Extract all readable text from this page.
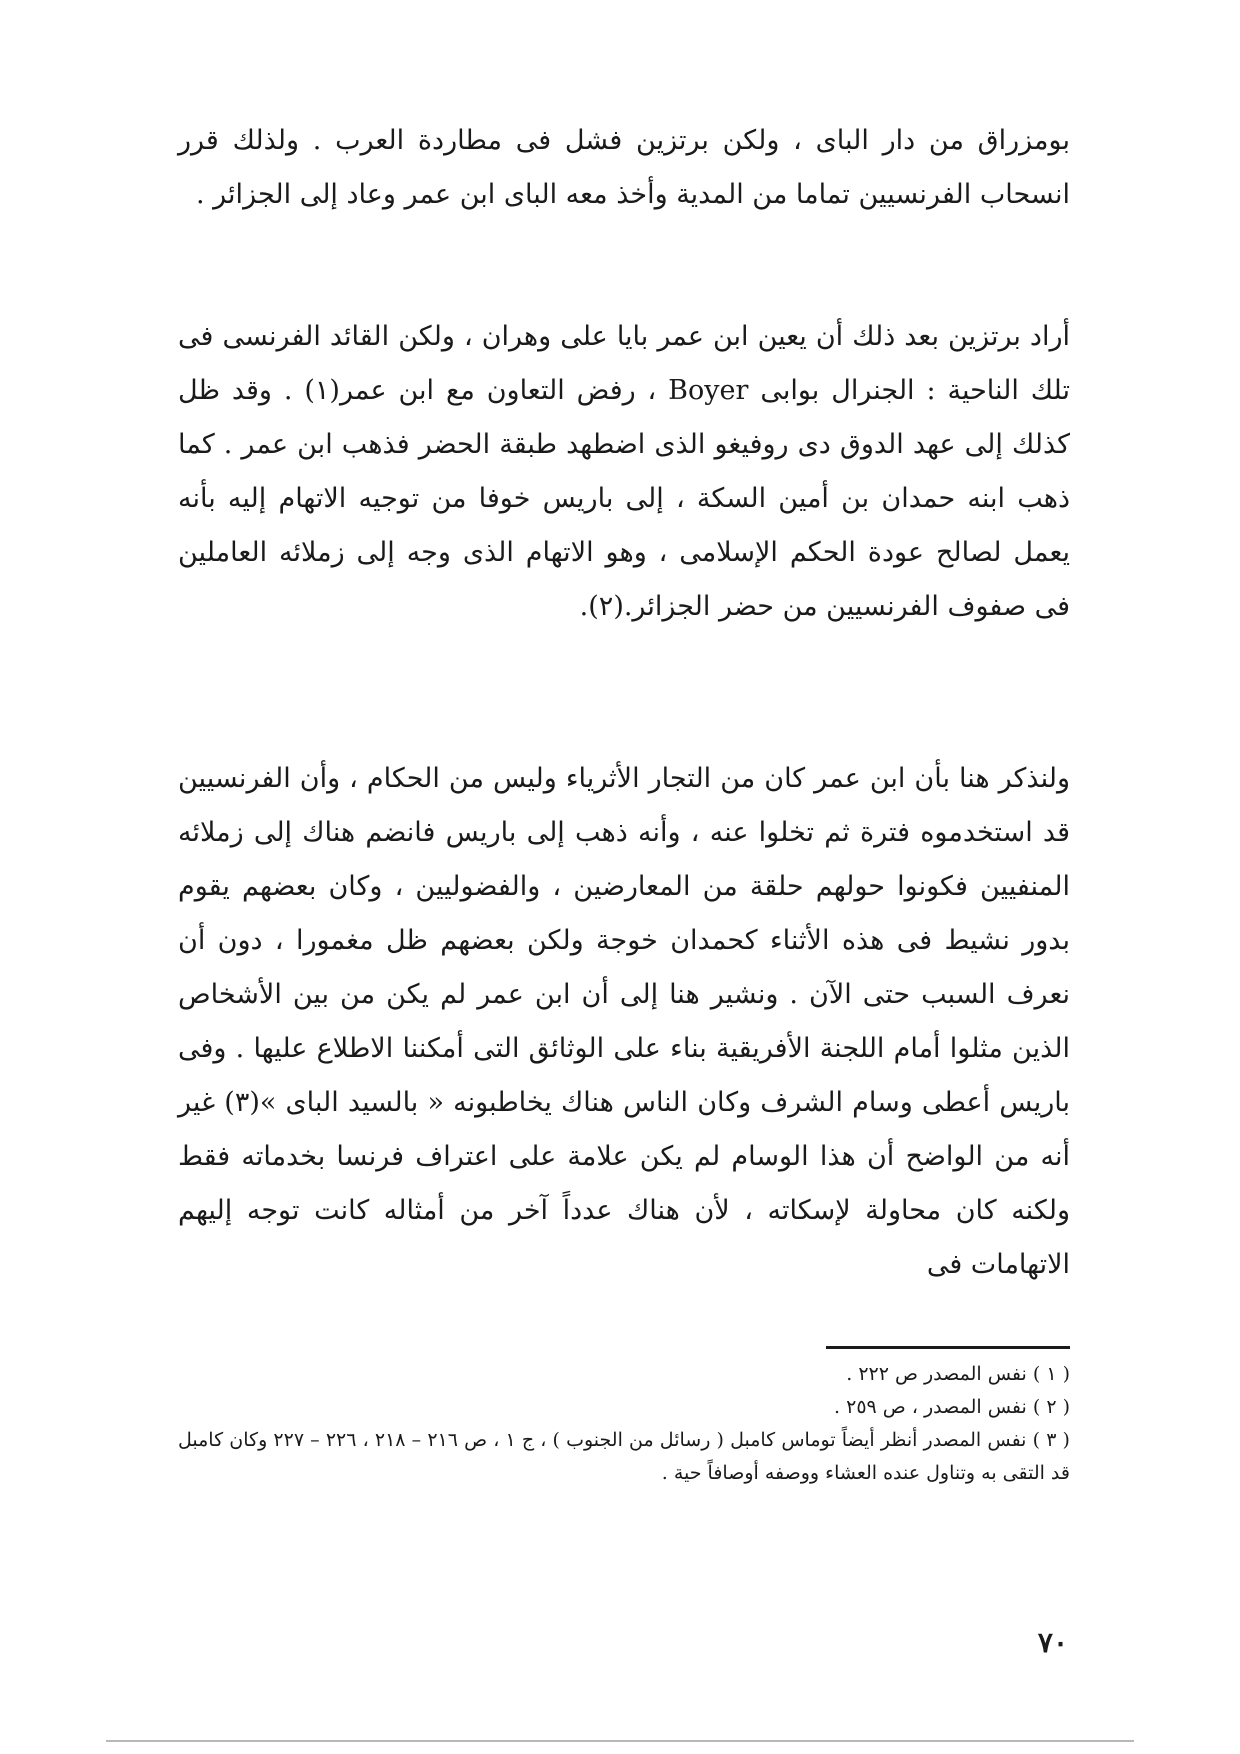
بومزراق من دار الباى ، ولكن برتزين فشل فى مطاردة العرب . ولذلك قرر انسحاب الفرنسيين تماما من المدية وأخذ معه الباى ابن عمر وعاد إلى الجزائر .

أراد برتزين بعد ذلك أن يعين ابن عمر بايا على وهران ، ولكن القائد الفرنسى فى تلك الناحية : الجنرال بوابى Boyer ، رفض التعاون مع ابن عمر(١) . وقد ظل كذلك إلى عهد الدوق دى روفيغو الذى اضطهد طبقة الحضر فذهب ابن عمر . كما ذهب ابنه حمدان بن أمين السكة ، إلى باريس خوفا من توجيه الاتهام إليه بأنه يعمل لصالح عودة الحكم الإسلامى ، وهو الاتهام الذى وجه إلى زملائه العاملين فى صفوف الفرنسيين من حضر الجزائر.(٢).

ولنذكر هنا بأن ابن عمر كان من التجار الأثرياء وليس من الحكام ، وأن الفرنسيين قد استخدموه فترة ثم تخلوا عنه ، وأنه ذهب إلى باريس فانضم هناك إلى زملائه المنفيين فكونوا حولهم حلقة من المعارضين ، والفضوليين ، وكان بعضهم يقوم بدور نشيط فى هذه الأثناء كحمدان خوجة ولكن بعضهم ظل مغمورا ، دون أن نعرف السبب حتى الآن . ونشير هنا إلى أن ابن عمر لم يكن من بين الأشخاص الذين مثلوا أمام اللجنة الأفريقية بناء على الوثائق التى أمكننا الاطلاع عليها . وفى باريس أعطى وسام الشرف وكان الناس هناك يخاطبونه « بالسيد الباى »(٣) غير أنه من الواضح أن هذا الوسام لم يكن علامة على اعتراف فرنسا بخدماته فقط ولكنه كان محاولة لإسكاته ، لأن هناك عدداً آخر من أمثاله كانت توجه إليهم الاتهامات فى

( ١ ) نفس المصدر ص ٢٢٢ .

( ٢ ) نفس المصدر ، ص ٢٥٩ .

( ٣ ) نفس المصدر أنظر أيضاً توماس كامبل ( رسائل من الجنوب ) ، ج ١ ، ص ٢١٦ – ٢١٨ ، ٢٢٦ – ٢٢٧ وكان كامبل قد التقى به وتناول عنده العشاء ووصفه أوصافاً حية .

٧٠
